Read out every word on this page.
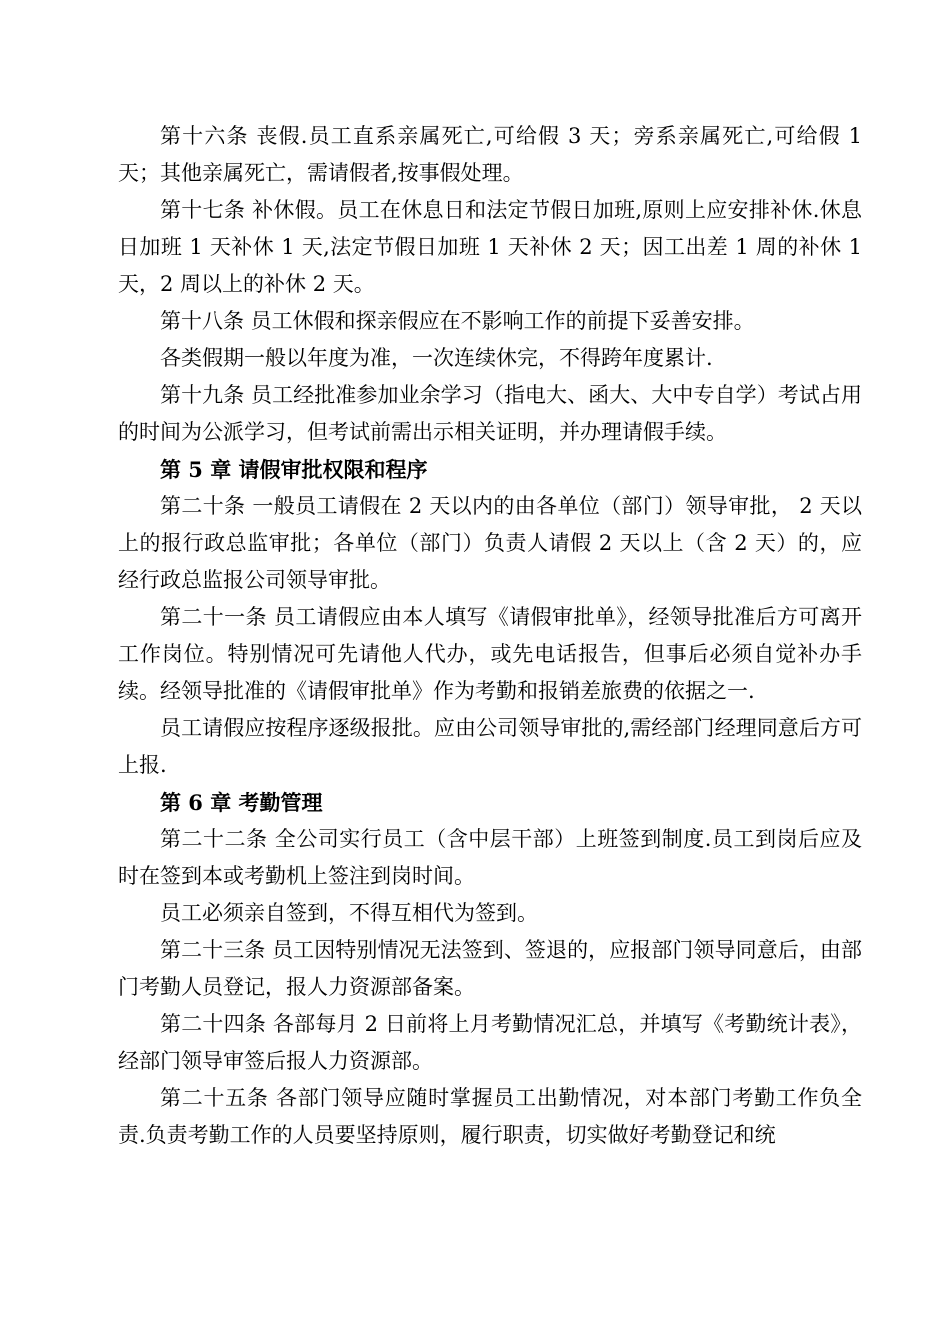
第十六条 丧假.员工直系亲属死亡,可给假 3 天；旁系亲属死亡,可给假 1 天；其他亲属死亡，需请假者,按事假处理。

第十七条 补休假。员工在休息日和法定节假日加班,原则上应安排补休.休息日加班 1 天补休 1 天,法定节假日加班 1 天补休 2 天；因工出差 1 周的补休 1 天，2 周以上的补休 2 天。

第十八条 员工休假和探亲假应在不影响工作的前提下妥善安排。

各类假期一般以年度为准，一次连续休完，不得跨年度累计.

第十九条 员工经批准参加业余学习（指电大、函大、大中专自学）考试占用的时间为公派学习，但考试前需出示相关证明，并办理请假手续。

第 5 章 请假审批权限和程序

第二十条 一般员工请假在 2 天以内的由各单位（部门）领导审批， 2 天以上的报行政总监审批；各单位（部门）负责人请假 2 天以上（含 2 天）的，应经行政总监报公司领导审批。

第二十一条 员工请假应由本人填写《请假审批单》，经领导批准后方可离开工作岗位。特别情况可先请他人代办，或先电话报告，但事后必须自觉补办手续。经领导批准的《请假审批单》作为考勤和报销差旅费的依据之一.

员工请假应按程序逐级报批。应由公司领导审批的,需经部门经理同意后方可上报.

第 6 章 考勤管理

第二十二条 全公司实行员工（含中层干部）上班签到制度.员工到岗后应及时在签到本或考勤机上签注到岗时间。

员工必须亲自签到，不得互相代为签到。

第二十三条 员工因特别情况无法签到、签退的，应报部门领导同意后，由部门考勤人员登记，报人力资源部备案。

第二十四条 各部每月 2 日前将上月考勤情况汇总，并填写《考勤统计表》，经部门领导审签后报人力资源部。

第二十五条 各部门领导应随时掌握员工出勤情况，对本部门考勤工作负全责.负责考勤工作的人员要坚持原则，履行职责，切实做好考勤登记和统
